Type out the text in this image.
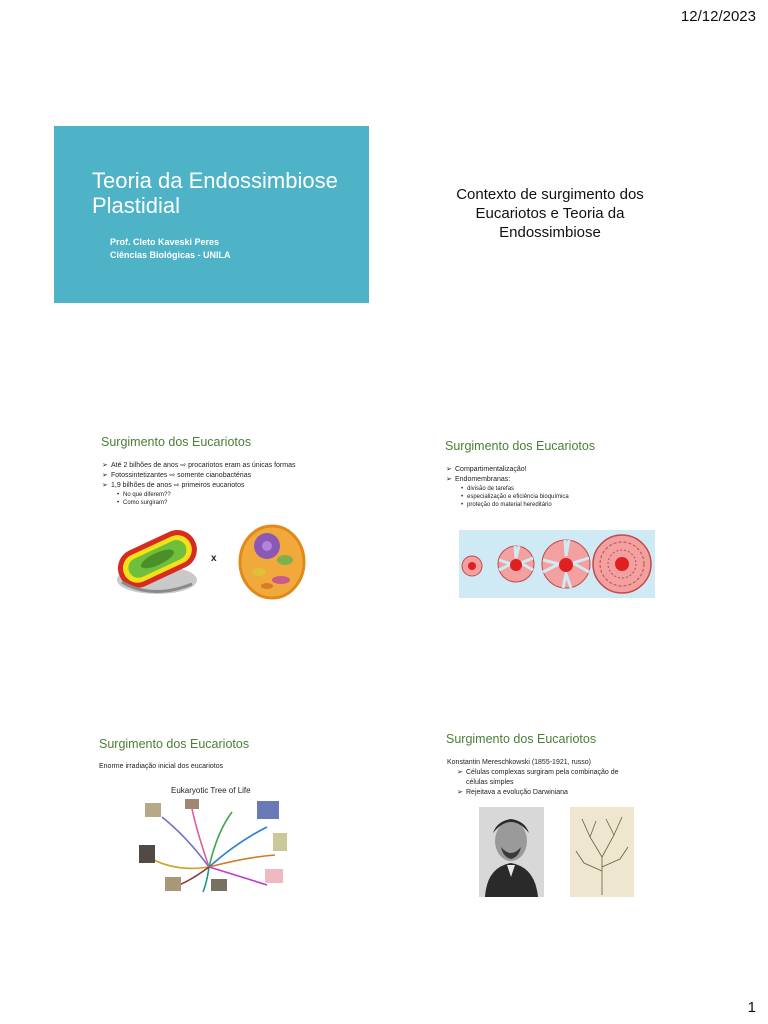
12/12/2023
Teoria da Endossimbiose Plastidial
Prof. Cleto Kaveski Peres
Ciências Biológicas - UNILA
Contexto de surgimento dos Eucariotos e Teoria da Endossimbiose
Surgimento dos Eucariotos
➢ Até 2 bilhões de anos ⇨ procariotos eram as únicas formas
➢ Fotossintetizantes ⇨ somente cianobactérias
➢ 1,9 bilhões de anos ⇨ primeiros eucariotos
• No que diferem??
• Como surgiram?
x
Surgimento dos Eucariotos
➢ Compartimentalização!
➢ Endomembranas:
• divisão de tarefas
• especialização e eficiência bioquímica
• proteção do material hereditário
Surgimento dos Eucariotos
Enorme irradiação inicial dos eucariotos
Eukaryotic Tree of Life
Surgimento dos Eucariotos
Konstantin Mereschkowski (1855-1921, russo)
➢ Células complexas surgiram pela combinação de
células simples
➢ Rejeitava a evolução Darwiniana
1
